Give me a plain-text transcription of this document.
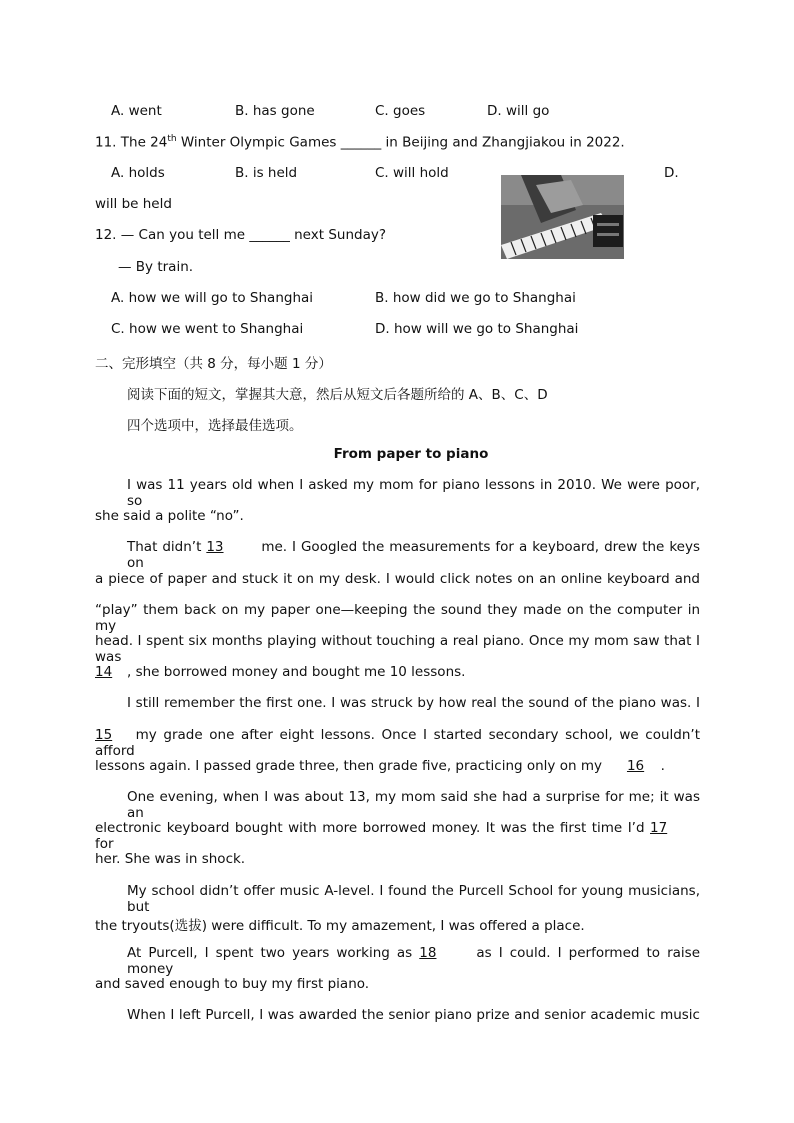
A. went	B. has gone	C. goes	D. will go
11. The 24th Winter Olympic Games ______ in Beijing and Zhangjiakou in 2022.
A. holds	B. is held	C. will hold	D.
will be held
12. — Can you tell me ______ next Sunday?
— By train.
A. how we will go to Shanghai	B. how did we go to Shanghai
C. how we went to Shanghai	D. how will we go to Shanghai
二、完形填空（共 8 分，每小题 1 分）
阅读下面的短文，掌握其大意，然后从短文后各题所给的 A、B、C、D
四个选项中，选择最佳选项。
From paper to piano
I was 11 years old when I asked my mom for piano lessons in 2010. We were poor, so
she said a polite “no”.
That didn’t 13	me. I Googled the measurements for a keyboard, drew the keys on
a piece of paper and stuck it on my desk. I would click notes on an online keyboard and
“play” them back on my paper one—keeping the sound they made on the computer in my
head. I spent six months playing without touching a real piano. Once my mom saw that I was
14 , she borrowed money and bought me 10 lessons.
I still remember the first one. I was struck by how real the sound of the piano was. I
15 my grade one after eight lessons. Once I started secondary school, we couldn’t afford
lessons again. I passed grade three, then grade five, practicing only on my 16 .
One evening, when I was about 13, my mom said she had a surprise for me; it was an
electronic keyboard bought with more borrowed money. It was the first time I’d 17 for
her. She was in shock.
My school didn’t offer music A-level. I found the Purcell School for young musicians, but
the tryouts(选拔) were difficult. To my amazement, I was offered a place.
At Purcell, I spent two years working as 18	as I could. I performed to raise money
and saved enough to buy my first piano.
When I left Purcell, I was awarded the senior piano prize and senior academic music
